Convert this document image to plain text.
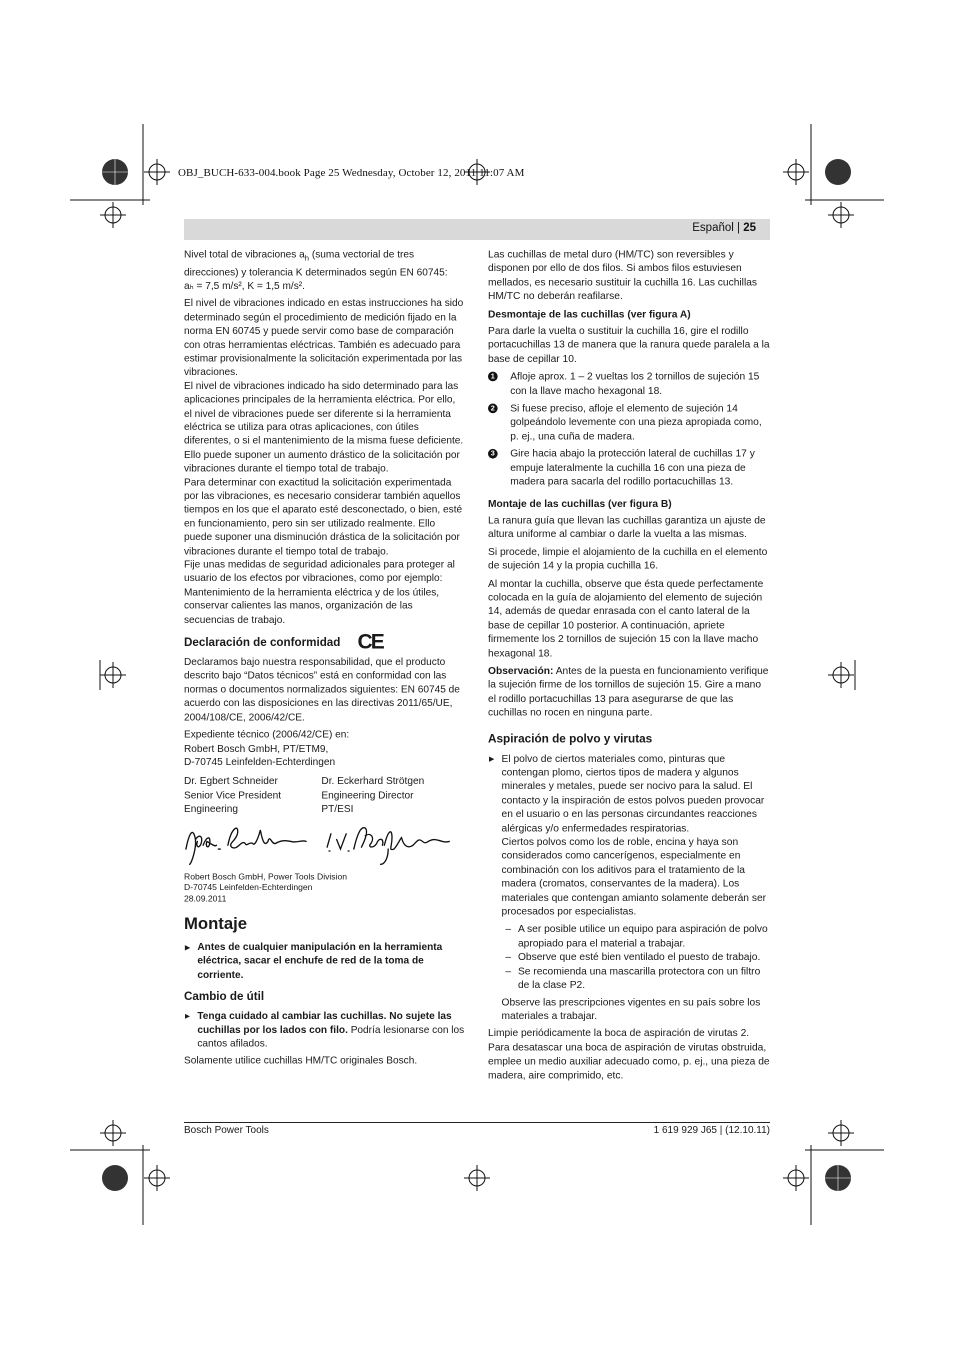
OBJ_BUCH-633-004.book Page 25 Wednesday, October 12, 2011 11:07 AM
Español | 25

Nivel total de vibraciones $a_h$ (suma vectorial de tres direcciones) y tolerancia K determinados según EN 60745:
aₕ = 7,5 m/s², K = 1,5 m/s².

El nivel de vibraciones indicado en estas instrucciones ha sido determinado según el procedimiento de medición fijado en la norma EN 60745 y puede servir como base de comparación con otras herramientas eléctricas. También es adecuado para estimar provisionalmente la solicitación experimentada por las vibraciones.

El nivel de vibraciones indicado ha sido determinado para las aplicaciones principales de la herramienta eléctrica. Por ello, el nivel de vibraciones puede ser diferente si la herramienta eléctrica se utiliza para otras aplicaciones, con útiles diferentes, o si el mantenimiento de la misma fuese deficiente. Ello puede suponer un aumento drástico de la solicitación por vibraciones durante el tiempo total de trabajo.

Para determinar con exactitud la solicitación experimentada por las vibraciones, es necesario considerar también aquellos tiempos en los que el aparato esté desconectado, o bien, esté en funcionamiento, pero sin ser utilizado realmente. Ello puede suponer una disminución drástica de la solicitación por vibraciones durante el tiempo total de trabajo.

Fije unas medidas de seguridad adicionales para proteger al usuario de los efectos por vibraciones, como por ejemplo: Mantenimiento de la herramienta eléctrica y de los útiles, conservar calientes las manos, organización de las secuencias de trabajo.

Declaración de conformidad CE

Declaramos bajo nuestra responsabilidad, que el producto descrito bajo “Datos técnicos” está en conformidad con las normas o documentos normalizados siguientes: EN 60745 de acuerdo con las disposiciones en las directivas 2011/65/UE, 2004/108/CE, 2006/42/CE.

Expediente técnico (2006/42/CE) en:
Robert Bosch GmbH, PT/ETM9,
D-70745 Leinfelden-Echterdingen

Dr. Egbert Schneider
Senior Vice President
Engineering
Dr. Eckerhard Strötgen
Engineering Director
PT/ESI
Robert Bosch GmbH, Power Tools Division
D-70745 Leinfelden-Echterdingen
28.09.2011
Montaje

▶ Antes de cualquier manipulación en la herramienta eléctrica, sacar el enchufe de red de la toma de corriente.

Cambio de útil

▶ Tenga cuidado al cambiar las cuchillas. No sujete las cuchillas por los lados con filo. Podría lesionarse con los cantos afilados.

Solamente utilice cuchillas HM/TC originales Bosch.

Las cuchillas de metal duro (HM/TC) son reversibles y disponen por ello de dos filos. Si ambos filos estuviesen mellados, es necesario sustituir la cuchilla 16. Las cuchillas HM/TC no deberán reafilarse.

Desmontaje de las cuchillas (ver figura A)

Para darle la vuelta o sustituir la cuchilla 16, gire el rodillo portacuchillas 13 de manera que la ranura quede paralela a la base de cepillar 10.

1 Afloje aprox. 1 – 2 vueltas los 2 tornillos de sujeción 15 con la llave macho hexagonal 18.

2 Si fuese preciso, afloje el elemento de sujeción 14 golpeándolo levemente con una pieza apropiada como, p. ej., una cuña de madera.

3 Gire hacia abajo la protección lateral de cuchillas 17 y empuje lateralmente la cuchilla 16 con una pieza de madera para sacarla del rodillo portacuchillas 13.

Montaje de las cuchillas (ver figura B)

La ranura guía que llevan las cuchillas garantiza un ajuste de altura uniforme al cambiar o darle la vuelta a las mismas.

Si procede, limpie el alojamiento de la cuchilla en el elemento de sujeción 14 y la propia cuchilla 16.

Al montar la cuchilla, observe que ésta quede perfectamente colocada en la guía de alojamiento del elemento de sujeción 14, además de quedar enrasada con el canto lateral de la base de cepillar 10 posterior. A continuación, apriete firmemente los 2 tornillos de sujeción 15 con la llave macho hexagonal 18.

Observación: Antes de la puesta en funcionamiento verifique la sujeción firme de los tornillos de sujeción 15. Gire a mano el rodillo portacuchillas 13 para asegurarse de que las cuchillas no rocen en ninguna parte.

Aspiración de polvo y virutas

▶ El polvo de ciertos materiales como, pinturas que contengan plomo, ciertos tipos de madera y algunos minerales y metales, puede ser nocivo para la salud. El contacto y la inspiración de estos polvos pueden provocar en el usuario o en las personas circundantes reacciones alérgicas y/o enfermedades respiratorias.

Ciertos polvos como los de roble, encina y haya son considerados como cancerígenos, especialmente en combinación con los aditivos para el tratamiento de la madera (cromatos, conservantes de la madera). Los materiales que contengan amianto solamente deberán ser procesados por especialistas.

– A ser posible utilice un equipo para aspiración de polvo apropiado para el material a trabajar.

– Observe que esté bien ventilado el puesto de trabajo.

– Se recomienda una mascarilla protectora con un filtro de la clase P2.

Observe las prescripciones vigentes en su país sobre los materiales a trabajar.

Limpie periódicamente la boca de aspiración de virutas 2. Para desatascar una boca de aspiración de virutas obstruida, emplee un medio auxiliar adecuado como, p. ej., una pieza de madera, aire comprimido, etc.

Bosch Power Tools	1 619 929 J65 | (12.10.11)
